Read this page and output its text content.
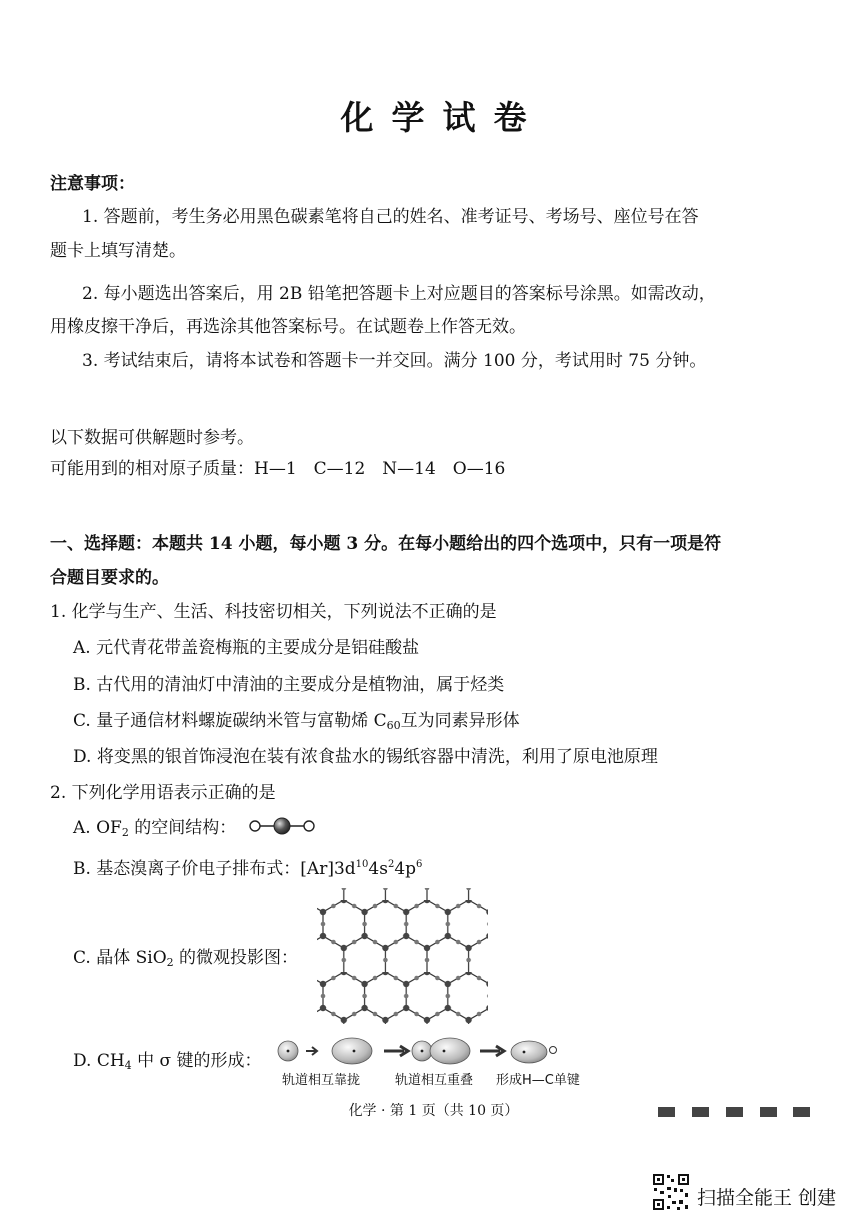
化学试卷
注意事项：
1. 答题前，考生务必用黑色碳素笔将自己的姓名、准考证号、考场号、座位号在答
题卡上填写清楚。
2. 每小题选出答案后，用 2B 铅笔把答题卡上对应题目的答案标号涂黑。如需改动，
用橡皮擦干净后，再选涂其他答案标号。在试题卷上作答无效。
3. 考试结束后，请将本试卷和答题卡一并交回。满分 100 分，考试用时 75 分钟。
以下数据可供解题时参考。
可能用到的相对原子质量：H—1　C—12　N—14　O—16
一、选择题：本题共 14 小题，每小题 3 分。在每小题给出的四个选项中，只有一项是符
合题目要求的。
1. 化学与生产、生活、科技密切相关，下列说法不正确的是
A. 元代青花带盖瓷梅瓶的主要成分是铝硅酸盐
B. 古代用的清油灯中清油的主要成分是植物油，属于烃类
C. 量子通信材料螺旋碳纳米管与富勒烯 $C_{60}$互为同素异形体
D. 将变黑的银首饰浸泡在装有浓食盐水的锡纸容器中清洗，利用了原电池原理
2. 下列化学用语表示正确的是
A. $OF_2$ 的空间结构：
B. 基态溴离子价电子排布式：$[Ar]3d^{10}4s^24p^6$
C. 晶体 SiO$_2$ 的微观投影图：
D. $CH_4$ 中 σ 键的形成：
轨道相互靠拢	轨道相互重叠 形成H—C单键
化学 · 第 1 页（共 10 页）
扫描全能王 创建
